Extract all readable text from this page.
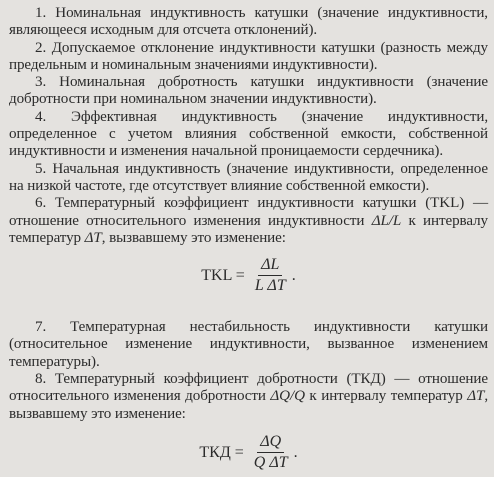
1. Номинальная индуктивность катушки (значение индуктивности, являющееся исходным для отсчета отклонений).

2. Допускаемое отклонение индуктивности катушки (разность между предельным и номинальным значениями индуктивности).

3. Номинальная добротность катушки индуктивности (значение добротности при номинальном значении индуктивности).

4. Эффективная индуктивность (значение индуктивности, определенное с учетом влияния собственной емкости, собственной индуктивности и изменения начальной проницаемости сердечника).

5. Начальная индуктивность (значение индуктивности, определенное на низкой частоте, где отсутствует влияние собственной емкости).

6. Температурный коэффициент индуктивности катушки (TKL) — отношение относительного изменения индуктивности ΔL/L к интервалу температур ΔT, вызвавшему это изменение:

TKL = $\frac{\Delta L}{\text{L ΔT}}$ .

7. Температурная нестабильность индуктивности катушки (относительное изменение индуктивности, вызванное изменением температуры).

8. Температурный коэффициент добротности (ТКД) — отношение относительного изменения добротности ΔQ/Q к интервалу температур ΔT, вызвавшему это изменение:

ТКД = $\frac{\Delta Q}{\text{Q ΔT}}$ .
